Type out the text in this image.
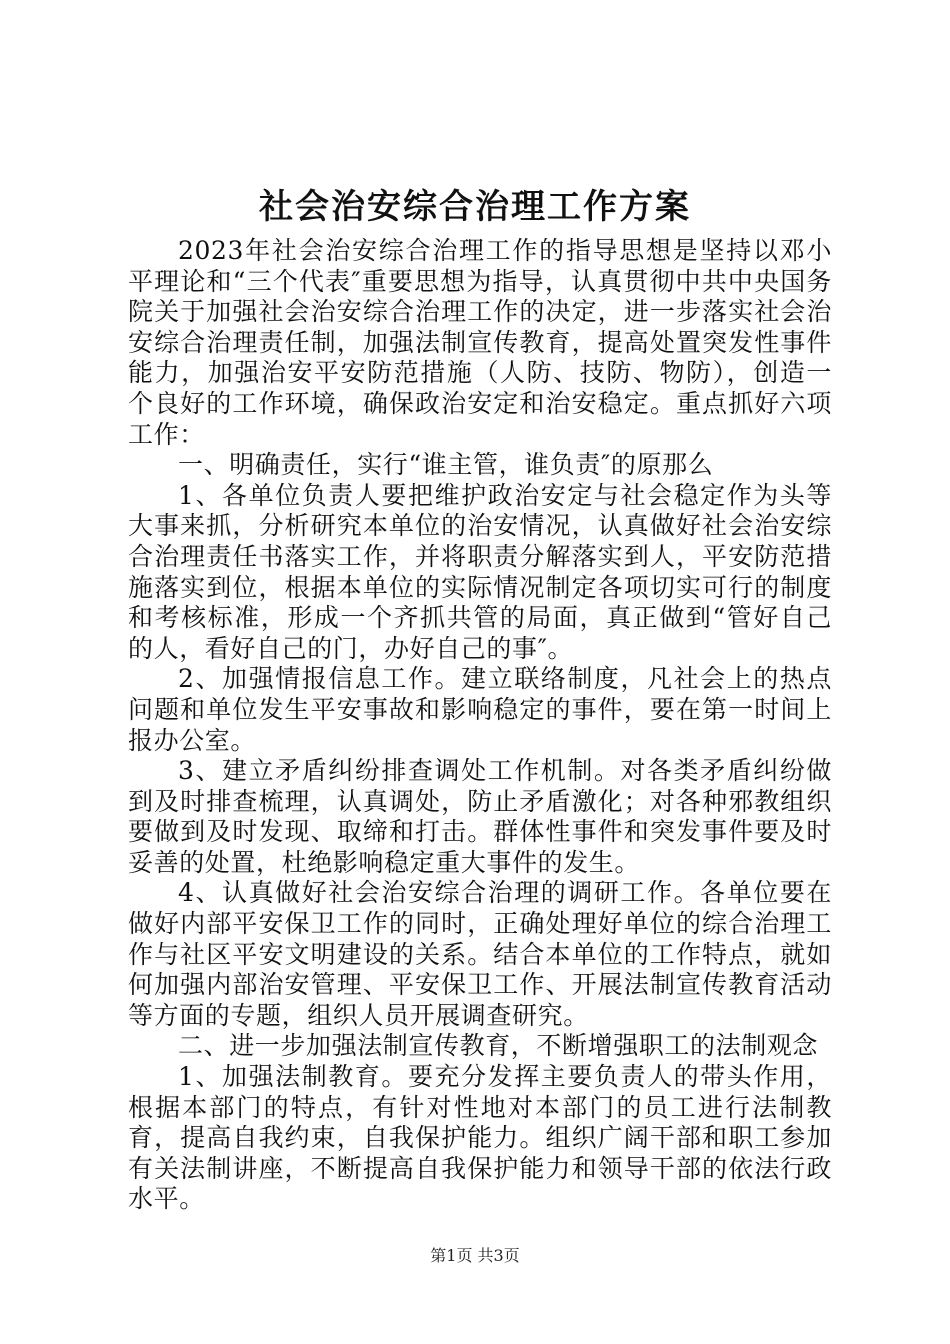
社会治安综合治理工作方案

2023年社会治安综合治理工作的指导思想是坚持以邓小平理论和“三个代表″重要思想为指导，认真贯彻中共中央国务院关于加强社会治安综合治理工作的决定，进一步落实社会治安综合治理责任制，加强法制宣传教育，提高处置突发性事件能力，加强治安平安防范措施（人防、技防、物防），创造一个良好的工作环境，确保政治安定和治安稳定。重点抓好六项工作：

一、明确责任，实行“谁主管，谁负责″的原那么

1、各单位负责人要把维护政治安定与社会稳定作为头等大事来抓，分析研究本单位的治安情况，认真做好社会治安综合治理责任书落实工作，并将职责分解落实到人，平安防范措施落实到位，根据本单位的实际情况制定各项切实可行的制度和考核标准，形成一个齐抓共管的局面，真正做到“管好自己的人，看好自己的门，办好自己的事″。

2、加强情报信息工作。建立联络制度，凡社会上的热点问题和单位发生平安事故和影响稳定的事件，要在第一时间上报办公室。

3、建立矛盾纠纷排查调处工作机制。对各类矛盾纠纷做到及时排查梳理，认真调处，防止矛盾激化；对各种邪教组织要做到及时发现、取缔和打击。群体性事件和突发事件要及时妥善的处置，杜绝影响稳定重大事件的发生。

4、认真做好社会治安综合治理的调研工作。各单位要在做好内部平安保卫工作的同时，正确处理好单位的综合治理工作与社区平安文明建设的关系。结合本单位的工作特点，就如何加强内部治安管理、平安保卫工作、开展法制宣传教育活动等方面的专题，组织人员开展调查研究。

二、进一步加强法制宣传教育，不断增强职工的法制观念

1、加强法制教育。要充分发挥主要负责人的带头作用，根据本部门的特点，有针对性地对本部门的员工进行法制教育，提高自我约束，自我保护能力。组织广阔干部和职工参加有关法制讲座，不断提高自我保护能力和领导干部的依法行政水平。

第1页 共3页
